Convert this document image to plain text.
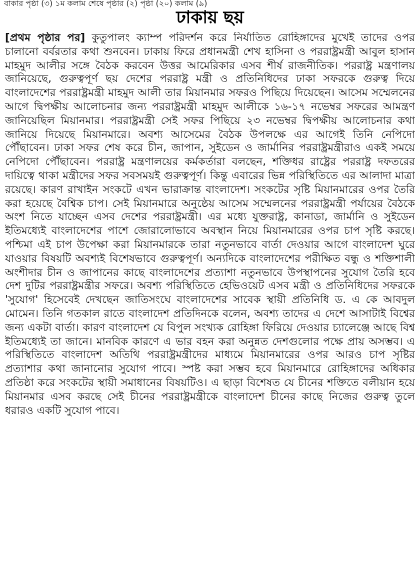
বাকার পৃষ্ঠা (৩) ১ম কলাম শেষে পৃষ্ঠার (২) পৃষ্ঠা (২০) কলাম (৯)
ঢাকায় ছয়

[প্রথম পৃষ্ঠার পর] কুতুপালং ক্যাম্প পরিদর্শন করে নির্যাতিত রোহিঙ্গাদের মুখেই তাদের ওপর চালানো বর্বরতার কথা শুনবেন। ঢাকায় ফিরে প্রধানমন্ত্রী শেখ হাসিনা ও পররাষ্ট্রমন্ত্রী আবুল হাসান মাহমুদ আলীর সঙ্গে বৈঠক করবেন উত্তর আমেরিকার এসব শীর্ষ রাজনীতিক। পররাষ্ট্র মন্ত্রণালয় জানিয়েছে, গুরুত্বপূর্ণ ছয় দেশের পররাষ্ট্র মন্ত্রী ও প্রতিনিধিদের ঢাকা সফরকে গুরুত্ব দিয়ে বাংলাদেশের পররাষ্ট্রমন্ত্রী মাহমুদ আলী তার মিয়ানমার সফরও পিছিয়ে দিয়েছেন। আসেম সম্মেলনের আগে দ্বিপক্ষীয় আলোচনার জন্য পররাষ্ট্রমন্ত্রী মাহমুদ আলীকে ১৬-১৭ নভেম্বর সফরের আমন্ত্রণ জানিয়েছিল মিয়ানমার। পররাষ্ট্রমন্ত্রী সেই সফর পিছিয়ে ২৩ নভেম্বর দ্বিপক্ষীয় আলোচনার কথা জানিয়ে দিয়েছে মিয়ানমারে। অবশ্য আসেমের বৈঠক উপলক্ষে এর আগেই তিনি নেপিদো পৌঁছাবেন। ঢাকা সফর শেষ করে চীন, জাপান, সুইডেন ও জার্মানির পররাষ্ট্রমন্ত্রীরাও একই সময়ে নেপিদো পৌঁছাবেন। পররাষ্ট্র মন্ত্রণালয়ের কর্মকর্তারা বলছেন, শক্তিধর রাষ্ট্রের পররাষ্ট্র দফতরের দায়িত্বে থাকা মন্ত্রীদের সফর সবসময়ই গুরুত্বপূর্ণ। কিন্তু এবারের ভিন্ন পরিস্থিতিতে এর আলাদা মাত্রা রয়েছে। কারণ রাখাইন সংকটে এখন ভারাক্রান্ত বাংলাদেশ। সংকটের সৃষ্টি মিয়ানমারের ওপর তৈরি করা হয়েছে বৈশ্বিক চাপ। সেই মিয়ানমারে অনুষ্ঠেয় আসেম সম্মেলনের পররাষ্ট্রমন্ত্রী পর্যায়ের বৈঠকে অংশ নিতে যাচ্ছেন এসব দেশের পররাষ্ট্রমন্ত্রী। এর মধ্যে যুক্তরাষ্ট্র, কানাডা, জার্মানি ও সুইডেন ইতিমধ্যেই বাংলাদেশের পাশে জোরালোভাবে অবস্থান নিয়ে মিয়ানমারের ওপর চাপ সৃষ্টি করছে। পশ্চিমা এই চাপ উপেক্ষা করা মিয়ানমারকে তারা নতুনভাবে বার্তা দেওয়ার আগে বাংলাদেশ ঘুরে যাওয়ার বিষয়টি অবশ্যই বিশেষভাবে গুরুত্বপূর্ণ। অন্যদিকে বাংলাদেশের পরীক্ষিত বন্ধু ও শক্তিশালী অংশীদার চীন ও জাপানের কাছে বাংলাদেশের প্রত্যাশা নতুনভাবে উপস্থাপনের সুযোগ তৈরি হবে দেশ দুটির পররাষ্ট্রমন্ত্রীর সফরে। অবশ্য পরিস্থিতিতে হেভিওয়েট এসব মন্ত্রী ও প্রতিনিধিদের সফরকে 'সুযোগ' হিসেবেই দেখছেন জাতিসংঘে বাংলাদেশের সাবেক স্থায়ী প্রতিনিধি ড. এ কে আবদুল মোমেন। তিনি গতকাল রাতে বাংলাদেশ প্রতিদিনকে বলেন, অবশ্য তাদের এ দেশে আসাটাই বিশ্বের জন্য একটা বার্তা। কারণ বাংলাদেশ যে বিপুল সংখ্যক রোহিঙ্গা ফিরিয়ে দেওয়ার চ্যালেঞ্জে আছে বিশ্ব ইতিমধ্যেই তা জানে। মানবিক কারণে এ ভার বহন করা অনুন্নত দেশগুলোর পক্ষে প্রায় অসম্ভব। এ পরিস্থিতিতে বাংলাদেশ অতিথি পররাষ্ট্রমন্ত্রীদের মাধ্যমে মিয়ানমারের ওপর আরও চাপ সৃষ্টির প্রত্যাশার কথা জানানোর সুযোগ পাবে। স্পষ্ট করা সম্ভব হবে মিয়ানমারে রোহিঙ্গাদের অধিকার প্রতিষ্ঠা করে সংকটের স্থায়ী সমাধানের বিষয়টিও। এ ছাড়া বিশেষত যে চীনের শক্তিতে বলীয়ান হয়ে মিয়ানমার এসব করছে সেই চীনের পররাষ্ট্রমন্ত্রীকে বাংলাদেশ চীনের কাছে নিজের গুরুত্ব তুলে ধরারও একটি সুযোগ পাবে।
